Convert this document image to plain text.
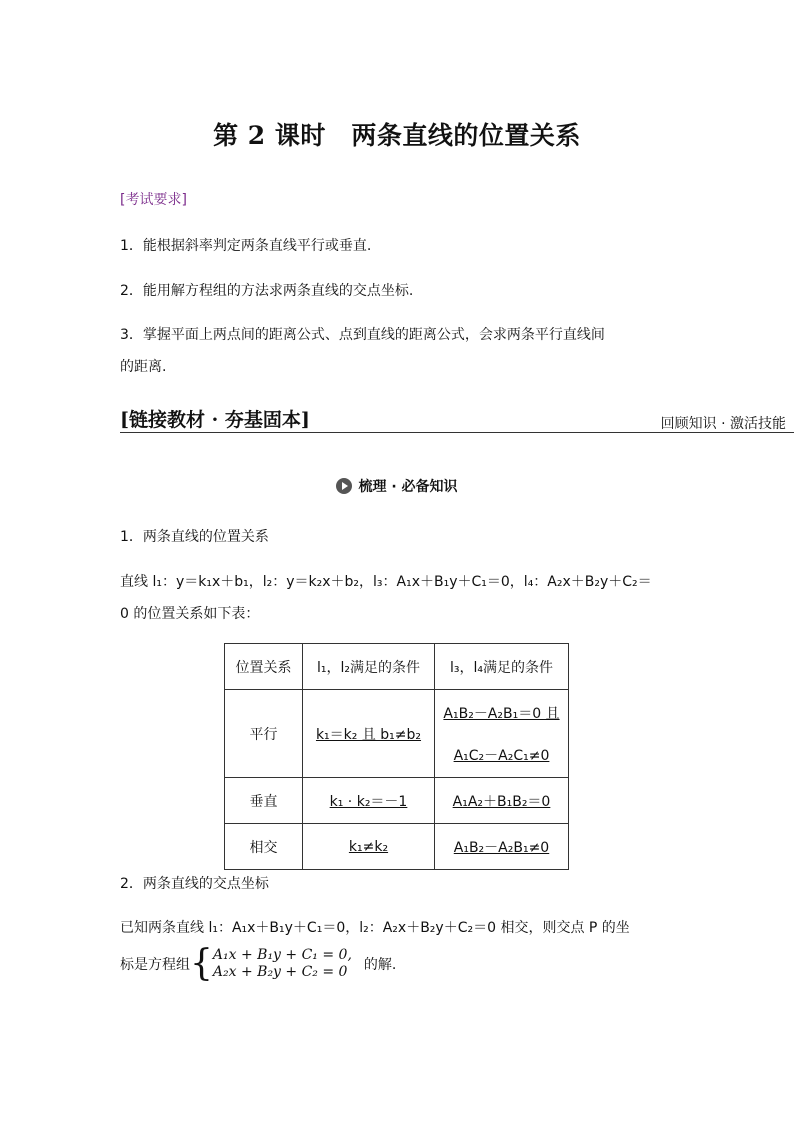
第 2 课时　两条直线的位置关系
[考试要求]
1．能根据斜率判定两条直线平行或垂直.
2．能用解方程组的方法求两条直线的交点坐标.
3．掌握平面上两点间的距离公式、点到直线的距离公式，会求两条平行直线间
的距离.
[链接教材 · 夯基固本]	回顾知识 · 激活技能
梳理 · 必备知识
1．两条直线的位置关系
直线 l₁：y＝k₁x＋b₁，l₂：y＝k₂x＋b₂，l₃：A₁x＋B₁y＋C₁＝0，l₄：A₂x＋B₂y＋C₂＝
0 的位置关系如下表：
位置关系	l₁，l₂满足的条件	l₃，l₄满足的条件
平行	k₁＝k₂ 且 b₁≠b₂	A₁B₂－A₂B₁＝0 且
A₁C₂－A₂C₁≠0

垂直	k₁ · k₂＝－1	A₁A₂＋B₁B₂＝0
相交	k₁≠k₂	A₁B₂－A₂B₁≠0
2．两条直线的交点坐标
已知两条直线 l₁：A₁x＋B₁y＋C₁＝0，l₂：A₂x＋B₂y＋C₂＝0 相交，则交点 P 的坐
标是方程组 { A₁x + B₁y + C₁ = 0,
A₂x + B₂y + C₂ = 0	的解.
